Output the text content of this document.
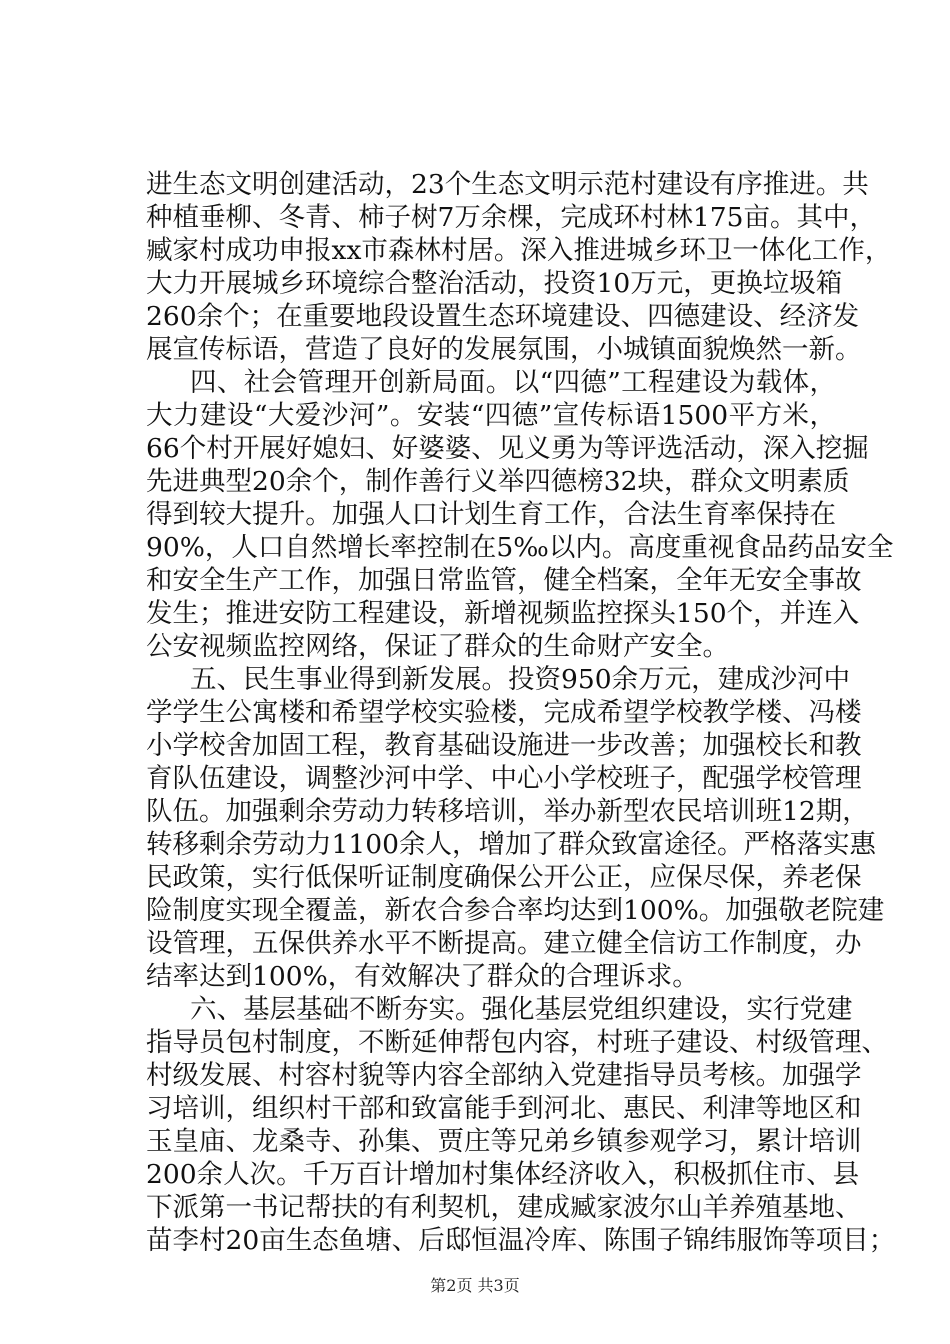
进生态文明创建活动，23个生态文明示范村建设有序推进。共
种植垂柳、冬青、柿子树7万余棵，完成环村林175亩。其中，
臧家村成功申报xx市森林村居。深入推进城乡环卫一体化工作，
大力开展城乡环境综合整治活动，投资10万元，更换垃圾箱
260余个；在重要地段设置生态环境建设、四德建设、经济发
展宣传标语，营造了良好的发展氛围，小城镇面貌焕然一新。
四、社会管理开创新局面。以“四德”工程建设为载体，
大力建设“大爱沙河”。安装“四德”宣传标语1500平方米，
66个村开展好媳妇、好婆婆、见义勇为等评选活动，深入挖掘
先进典型20余个，制作善行义举四德榜32块，群众文明素质
得到较大提升。加强人口计划生育工作，合法生育率保持在
90%，人口自然增长率控制在5‰以内。高度重视食品药品安全
和安全生产工作，加强日常监管，健全档案，全年无安全事故
发生；推进安防工程建设，新增视频监控探头150个，并连入
公安视频监控网络，保证了群众的生命财产安全。
五、民生事业得到新发展。投资950余万元，建成沙河中
学学生公寓楼和希望学校实验楼，完成希望学校教学楼、冯楼
小学校舍加固工程，教育基础设施进一步改善；加强校长和教
育队伍建设，调整沙河中学、中心小学校班子，配强学校管理
队伍。加强剩余劳动力转移培训，举办新型农民培训班12期，
转移剩余劳动力1100余人，增加了群众致富途径。严格落实惠
民政策，实行低保听证制度确保公开公正，应保尽保，养老保
险制度实现全覆盖，新农合参合率均达到100%。加强敬老院建
设管理，五保供养水平不断提高。建立健全信访工作制度，办
结率达到100%，有效解决了群众的合理诉求。
六、基层基础不断夯实。强化基层党组织建设，实行党建
指导员包村制度，不断延伸帮包内容，村班子建设、村级管理、
村级发展、村容村貌等内容全部纳入党建指导员考核。加强学
习培训，组织村干部和致富能手到河北、惠民、利津等地区和
玉皇庙、龙桑寺、孙集、贾庄等兄弟乡镇参观学习，累计培训
200余人次。千万百计增加村集体经济收入，积极抓住市、县
下派第一书记帮扶的有利契机，建成臧家波尔山羊养殖基地、
苗李村20亩生态鱼塘、后邸恒温冷库、陈围子锦纬服饰等项目；
第2页 共3页
